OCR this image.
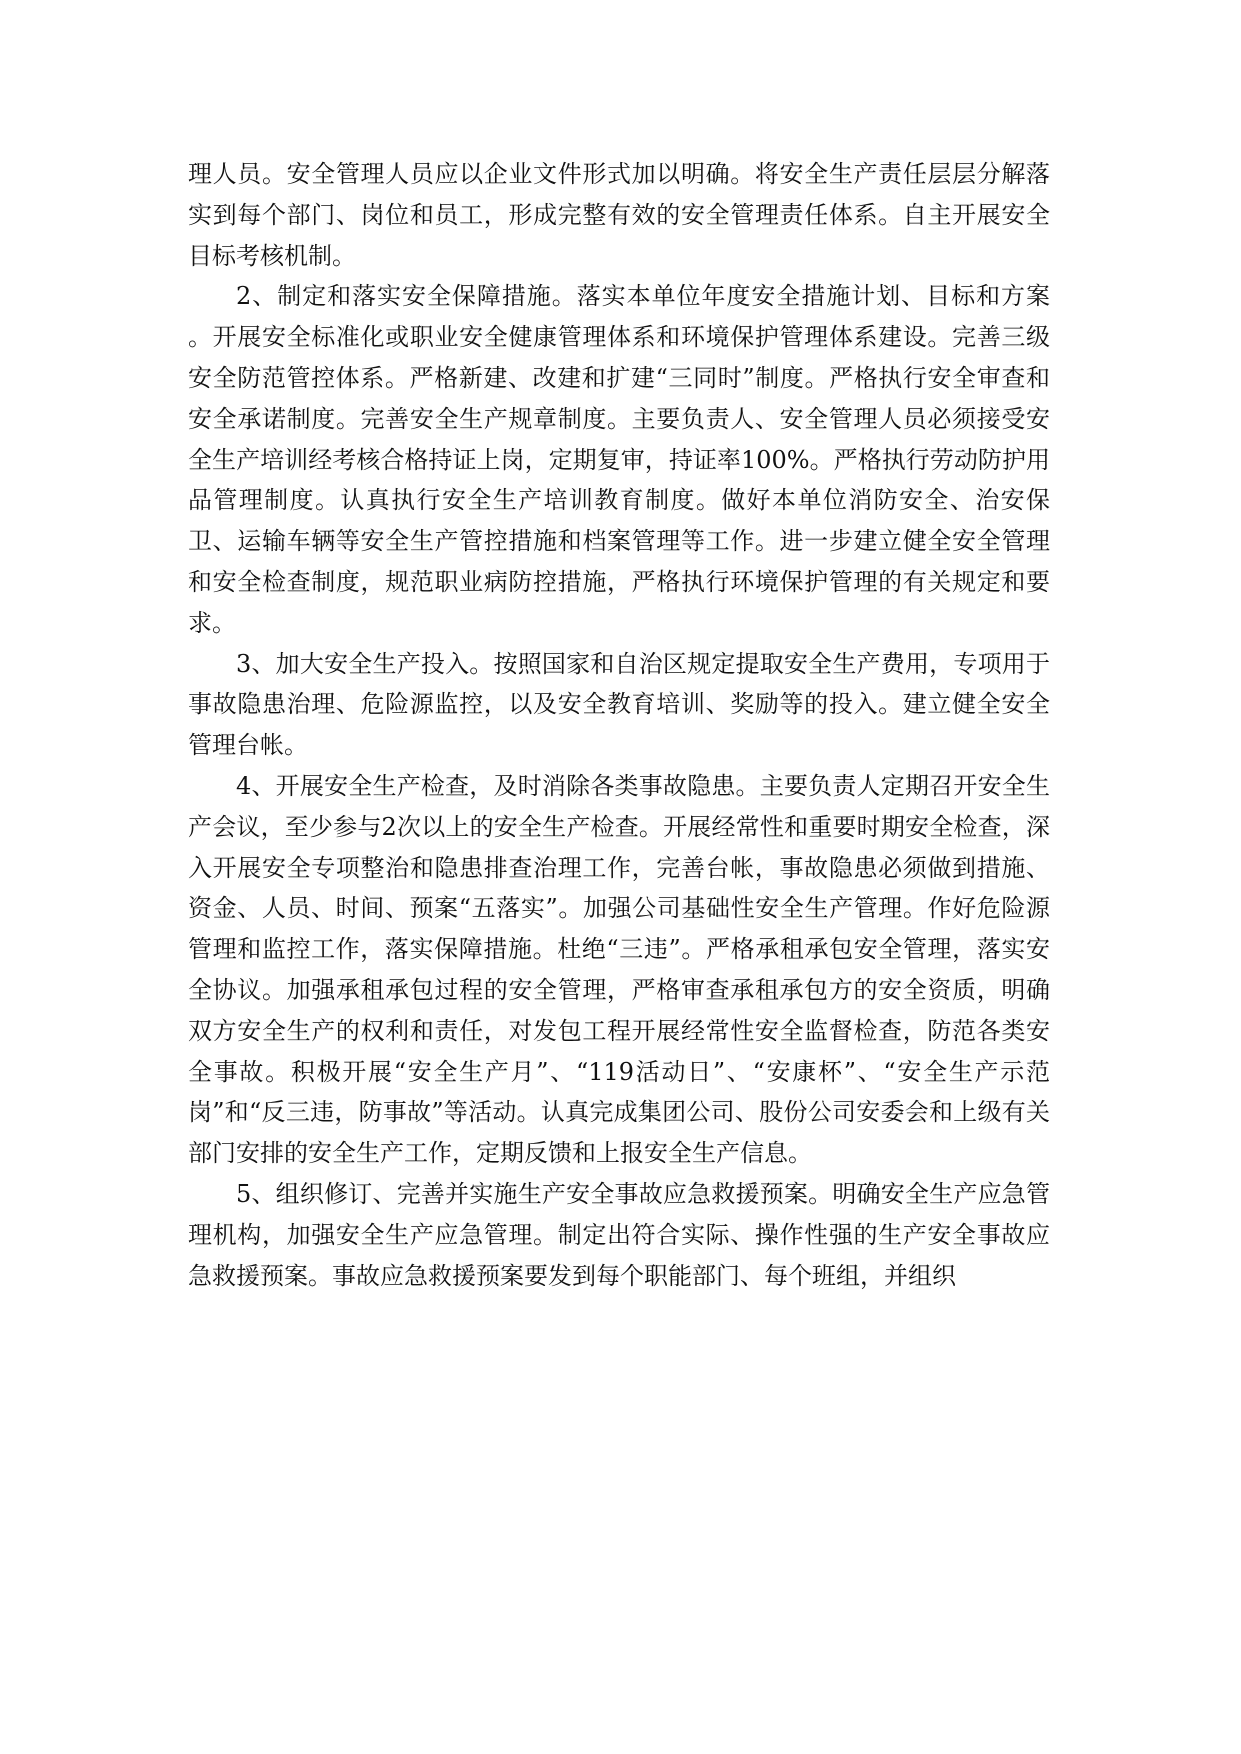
理人员。安全管理人员应以企业文件形式加以明确。将安全生产责任层层分解落实到每个部门、岗位和员工，形成完整有效的安全管理责任体系。自主开展安全目标考核机制。

2、制定和落实安全保障措施。落实本单位年度安全措施计划、目标和方案 。开展安全标准化或职业安全健康管理体系和环境保护管理体系建设。完善三级安全防范管控体系。严格新建、改建和扩建“三同时”制度。严格执行安全审查和安全承诺制度。完善安全生产规章制度。主要负责人、安全管理人员必须接受安全生产培训经考核合格持证上岗，定期复审，持证率100%。严格执行劳动防护用品管理制度。认真执行安全生产培训教育制度。做好本单位消防安全、治安保卫、运输车辆等安全生产管控措施和档案管理等工作。进一步建立健全安全管理和安全检查制度，规范职业病防控措施，严格执行环境保护管理的有关规定和要求。

3、加大安全生产投入。按照国家和自治区规定提取安全生产费用，专项用于事故隐患治理、危险源监控，以及安全教育培训、奖励等的投入。建立健全安全管理台帐。

4、开展安全生产检查，及时消除各类事故隐患。主要负责人定期召开安全生产会议，至少参与2次以上的安全生产检查。开展经常性和重要时期安全检查，深入开展安全专项整治和隐患排查治理工作，完善台帐，事故隐患必须做到措施、资金、人员、时间、预案“五落实”。加强公司基础性安全生产管理。作好危险源管理和监控工作，落实保障措施。杜绝“三违”。严格承租承包安全管理，落实安全协议。加强承租承包过程的安全管理，严格审查承租承包方的安全资质，明确双方安全生产的权利和责任，对发包工程开展经常性安全监督检查，防范各类安全事故。积极开展“安全生产月”、“119活动日”、“安康杯”、“安全生产示范岗”和“反三违，防事故”等活动。认真完成集团公司、股份公司安委会和上级有关部门安排的安全生产工作，定期反馈和上报安全生产信息。

5、组织修订、完善并实施生产安全事故应急救援预案。明确安全生产应急管理机构，加强安全生产应急管理。制定出符合实际、操作性强的生产安全事故应急救援预案。事故应急救援预案要发到每个职能部门、每个班组，并组织
